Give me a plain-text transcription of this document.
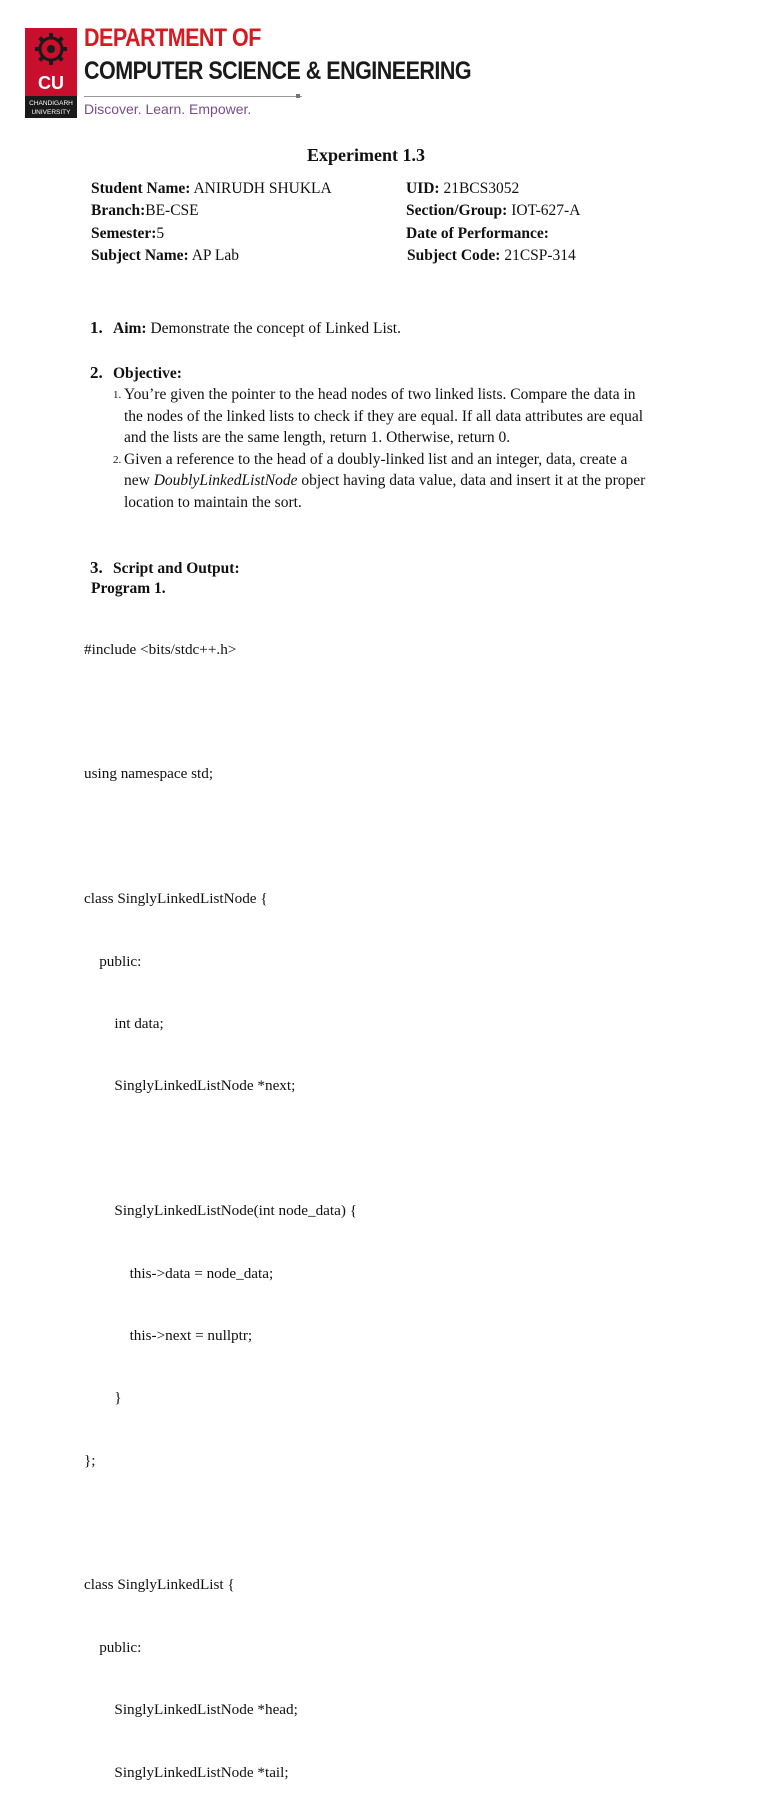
CU
CHANDIGARH
UNIVERSITY
DEPARTMENT OF
COMPUTER SCIENCE & ENGINEERING
Discover. Learn. Empower.
Experiment 1.3
Student Name: ANIRUDH SHUKLA	UID: 21BCS3052
Branch:BE-CSE	Section/Group: IOT-627-A
Semester:5	Date of Performance:
Subject Name: AP Lab	Subject Code: 21CSP-314
1. Aim: Demonstrate the concept of Linked List.
2. Objective:
1. You’re given the pointer to the head nodes of two linked lists. Compare the data in
the nodes of the linked lists to check if they are equal. If all data attributes are equal
and the lists are the same length, return 1. Otherwise, return 0.
2. Given a reference to the head of a doubly-linked list and an integer, data, create a
new DoublyLinkedListNode object having data value, data and insert it at the proper
location to maintain the sort.
3. Script and Output:
Program 1.

#include <bits/stdc++.h>

using namespace std;

class SinglyLinkedListNode {

public:

int data;

SinglyLinkedListNode *next;

SinglyLinkedListNode(int node_data) {

this->data = node_data;

this->next = nullptr;

}

};

class SinglyLinkedList {

public:

SinglyLinkedListNode *head;

SinglyLinkedListNode *tail;
